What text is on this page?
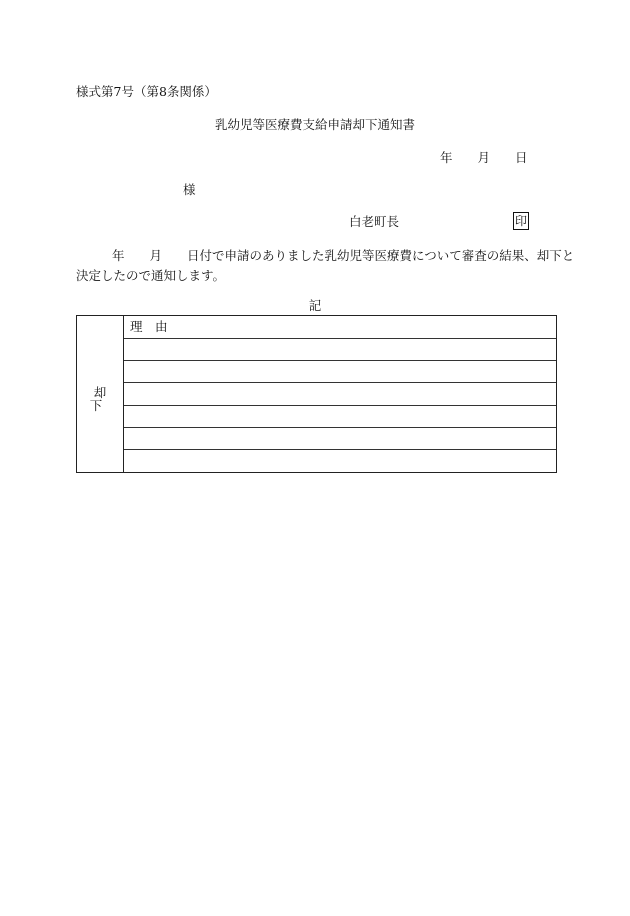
様式第7号（第8条関係）
乳幼児等医療費支給申請却下通知書
年 月 日
様
白老町長	印
年 月 日付で申請のありました乳幼児等医療費について審査の結果、却下と
決定したので通知します。
記
却 下
理　由
